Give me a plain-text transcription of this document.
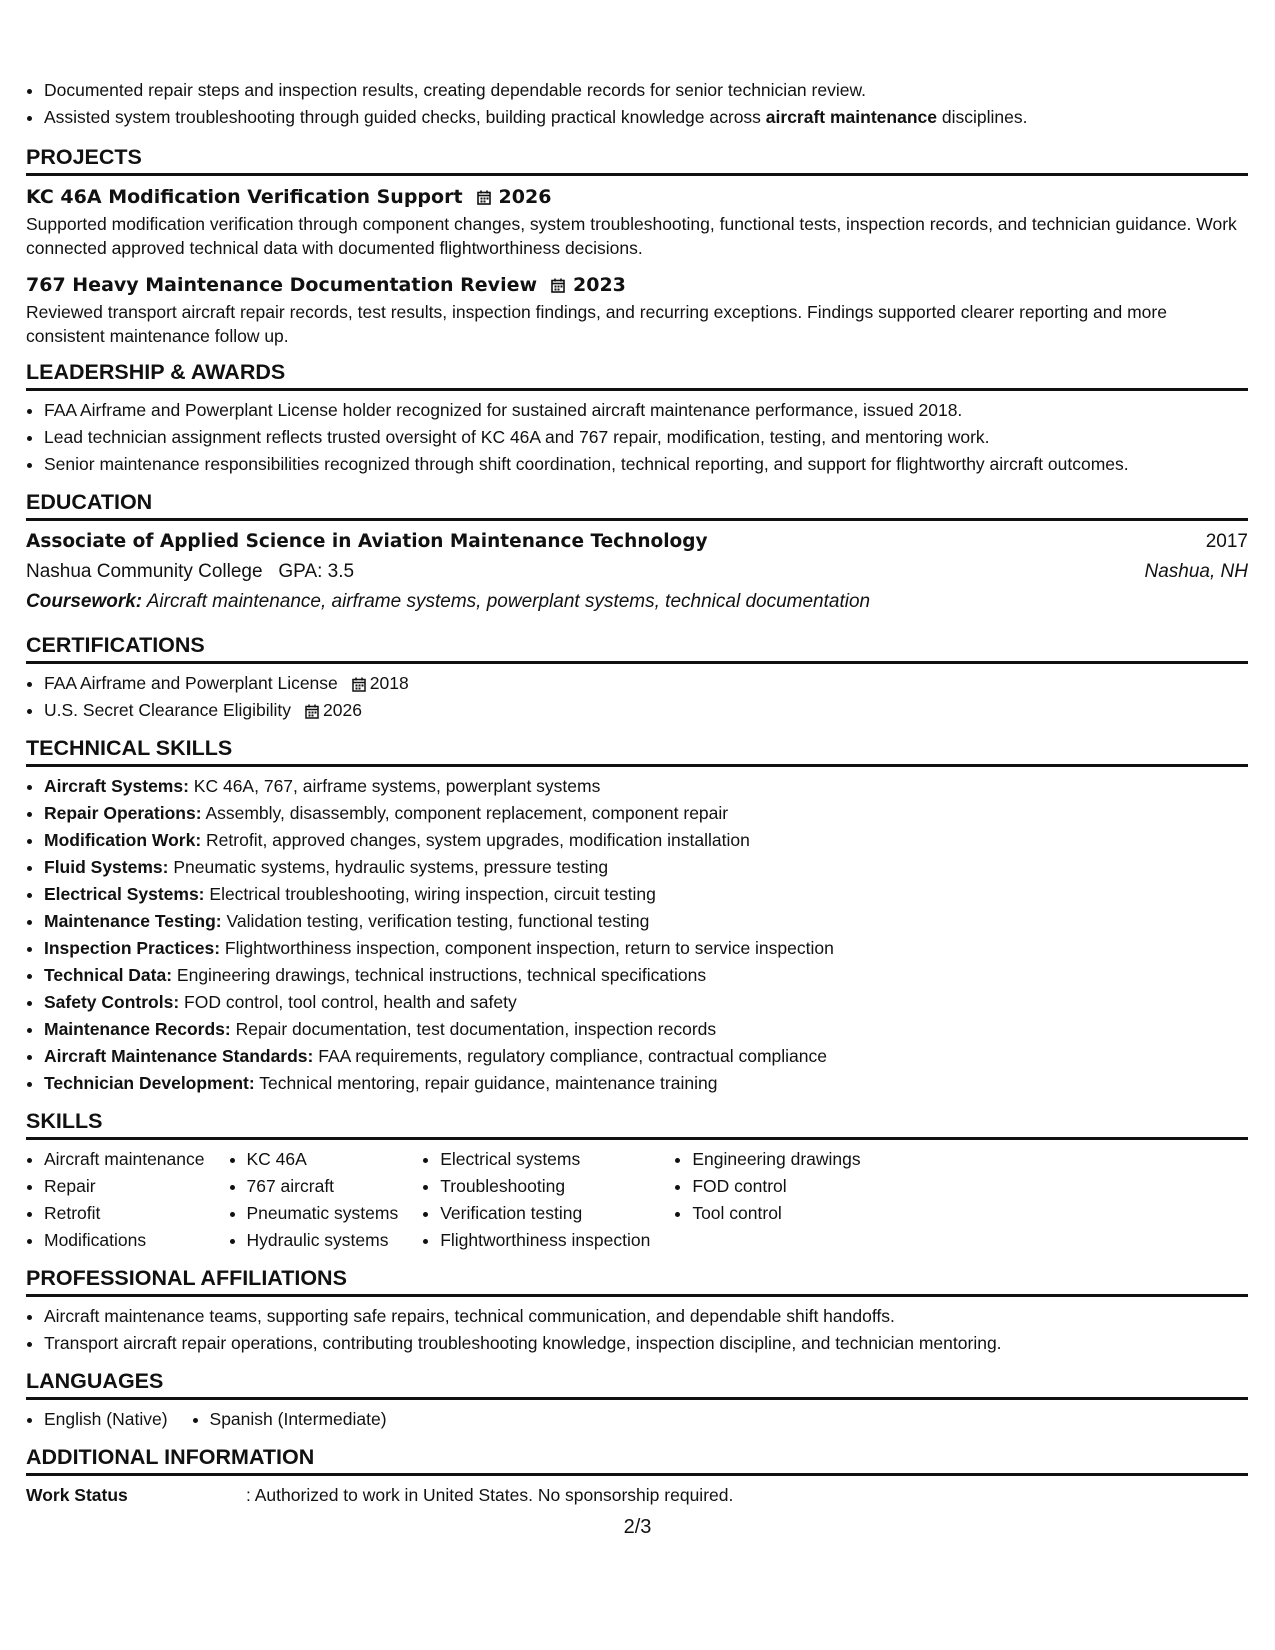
• Documented repair steps and inspection results, creating dependable records for senior technician review.
• Assisted system troubleshooting through guided checks, building practical knowledge across aircraft maintenance disciplines.
PROJECTS
KC 46A Modification Verification Support 2026
Supported modification verification through component changes, system troubleshooting, functional tests, inspection records, and technician guidance. Work connected approved technical data with documented flightworthiness decisions.
767 Heavy Maintenance Documentation Review 2023
Reviewed transport aircraft repair records, test results, inspection findings, and recurring exceptions. Findings supported clearer reporting and more consistent maintenance follow up.
LEADERSHIP & AWARDS
• FAA Airframe and Powerplant License holder recognized for sustained aircraft maintenance performance, issued 2018.
• Lead technician assignment reflects trusted oversight of KC 46A and 767 repair, modification, testing, and mentoring work.
• Senior maintenance responsibilities recognized through shift coordination, technical reporting, and support for flightworthy aircraft outcomes.
EDUCATION
Associate of Applied Science in Aviation Maintenance Technology	2017
Nashua Community College GPA: 3.5	Nashua, NH
Coursework: Aircraft maintenance, airframe systems, powerplant systems, technical documentation
CERTIFICATIONS
• FAA Airframe and Powerplant License 2018
• U.S. Secret Clearance Eligibility 2026
TECHNICAL SKILLS
• Aircraft Systems: KC 46A, 767, airframe systems, powerplant systems
• Repair Operations: Assembly, disassembly, component replacement, component repair
• Modification Work: Retrofit, approved changes, system upgrades, modification installation
• Fluid Systems: Pneumatic systems, hydraulic systems, pressure testing
• Electrical Systems: Electrical troubleshooting, wiring inspection, circuit testing
• Maintenance Testing: Validation testing, verification testing, functional testing
• Inspection Practices: Flightworthiness inspection, component inspection, return to service inspection
• Technical Data: Engineering drawings, technical instructions, technical specifications
• Safety Controls: FOD control, tool control, health and safety
• Maintenance Records: Repair documentation, test documentation, inspection records
• Aircraft Maintenance Standards: FAA requirements, regulatory compliance, contractual compliance
• Technician Development: Technical mentoring, repair guidance, maintenance training
SKILLS
• Aircraft maintenance
• Repair
• Retrofit
• Modifications
• KC 46A
• 767 aircraft
• Pneumatic systems
• Hydraulic systems
• Electrical systems
• Troubleshooting
• Verification testing
• Flightworthiness inspection
• Engineering drawings
• FOD control
• Tool control
PROFESSIONAL AFFILIATIONS
• Aircraft maintenance teams, supporting safe repairs, technical communication, and dependable shift handoffs.
• Transport aircraft repair operations, contributing troubleshooting knowledge, inspection discipline, and technician mentoring.
LANGUAGES
• English (Native)
• Spanish (Intermediate)
ADDITIONAL INFORMATION
Work Status	: Authorized to work in United States. No sponsorship required.
2/3
